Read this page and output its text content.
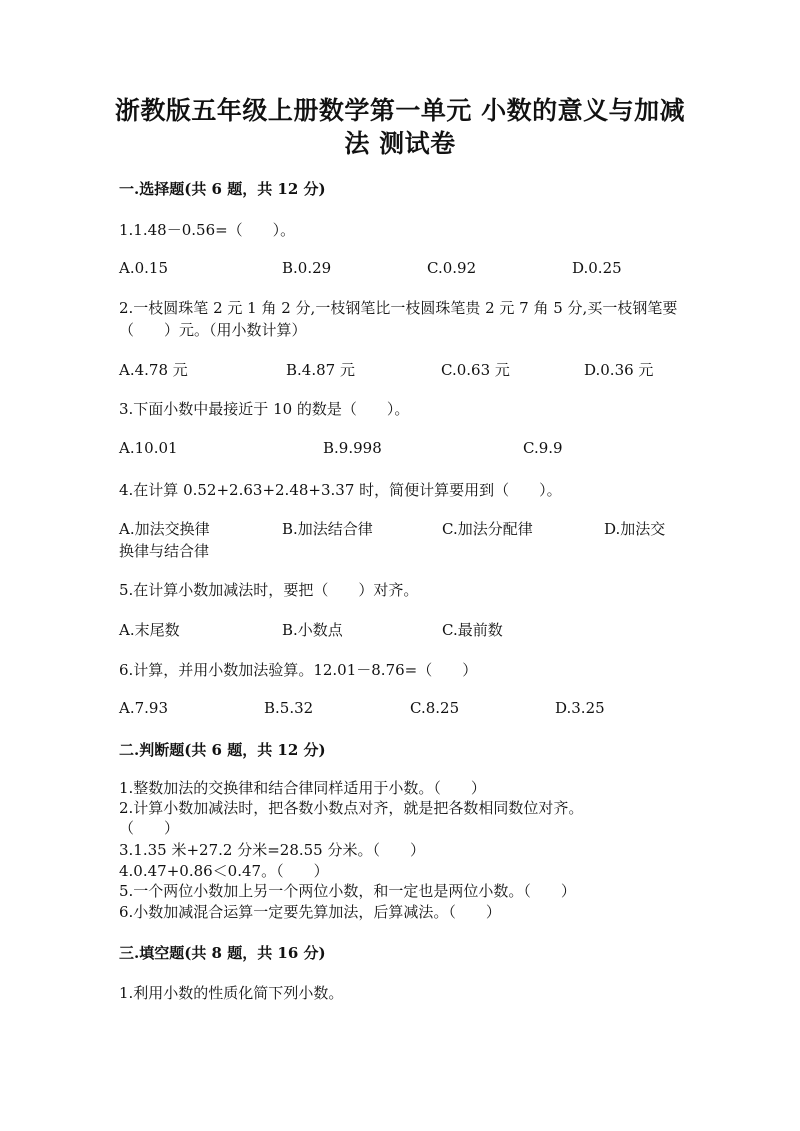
浙教版五年级上册数学第一单元 小数的意义与加减法 测试卷
一.选择题(共 6 题，共 12 分)
1.1.48－0.56=（　　）。
A.0.15	B.0.29	C.0.92	D.0.25
2.一枝圆珠笔 2 元 1 角 2 分,一枝钢笔比一枝圆珠笔贵 2 元 7 角 5 分,买一枝钢笔要（　　）元。（用小数计算）
A.4.78 元	B.4.87 元	C.0.63 元	D.0.36 元
3.下面小数中最接近于 10 的数是（　　）。
A.10.01	B.9.998	C.9.9
4.在计算 0.52+2.63+2.48+3.37 时，简便计算要用到（　　）。
A.加法交换律	B.加法结合律	C.加法分配律	D.加法交
换律与结合律
5.在计算小数加减法时，要把（　　）对齐。
A.末尾数	B.小数点	C.最前数
6.计算，并用小数加法验算。12.01－8.76=（　　）
A.7.93	B.5.32	C.8.25	D.3.25
二.判断题(共 6 题，共 12 分)
1.整数加法的交换律和结合律同样适用于小数。（　　）
2.计算小数加减法时，把各数小数点对齐，就是把各数相同数位对齐。
（　　）
3.1.35 米+27.2 分米=28.55 分米。（　　）
4.0.47+0.86＜0.47。（　　）
5.一个两位小数加上另一个两位小数，和一定也是两位小数。（　　）
6.小数加减混合运算一定要先算加法，后算减法。（　　）
三.填空题(共 8 题，共 16 分)
1.利用小数的性质化简下列小数。
